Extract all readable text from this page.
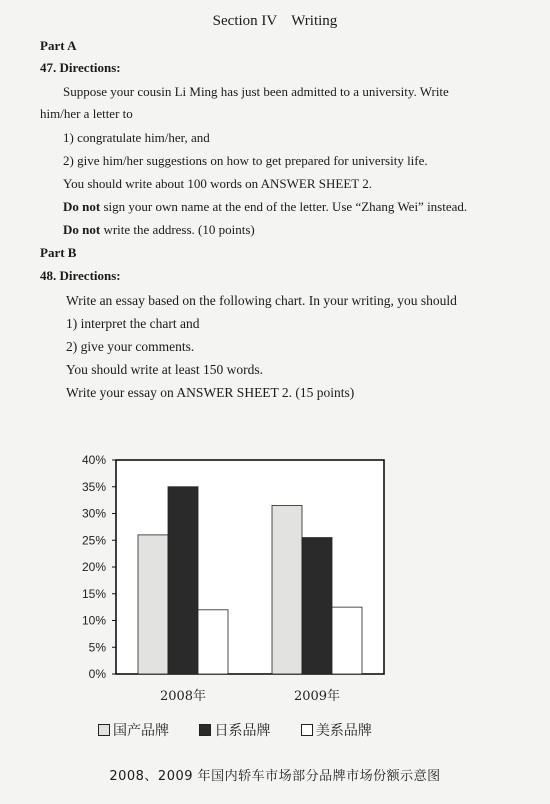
Section IV Writing
Part A
47. Directions:
Suppose your cousin Li Ming has just been admitted to a university. Write
him/her a letter to
1) congratulate him/her, and
2) give him/her suggestions on how to get prepared for university life.
You should write about 100 words on ANSWER SHEET 2.
Do not sign your own name at the end of the letter. Use “Zhang Wei” instead.
Do not write the address. (10 points)
Part B
48. Directions:
Write an essay based on the following chart. In your writing, you should
1) interpret the chart and
2) give your comments.
You should write at least 150 words.
Write your essay on ANSWER SHEET 2. (15 points)
0%
5%
10%
15%
20%
25%
30%
35%
40%
2008年	2009年
国产品牌	日系品牌	美系品牌
2008、2009 年国内轿车市场部分品牌市场份额示意图
